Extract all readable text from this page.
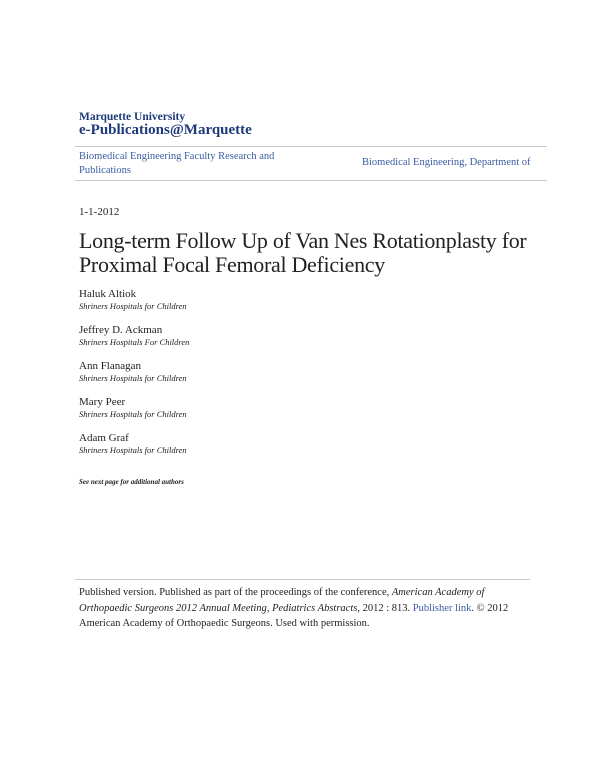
Marquette University
e-Publications@Marquette
Biomedical Engineering Faculty Research and Publications
Biomedical Engineering, Department of
1-1-2012
Long-term Follow Up of Van Nes Rotationplasty for Proximal Focal Femoral Deficiency
Haluk Altiok
Shriners Hospitals for Children
Jeffrey D. Ackman
Shriners Hospitals For Children
Ann Flanagan
Shriners Hospitals for Children
Mary Peer
Shriners Hospitals for Children
Adam Graf
Shriners Hospitals for Children
See next page for additional authors
Published version. Published as part of the proceedings of the conference, American Academy of Orthopaedic Surgeons 2012 Annual Meeting, Pediatrics Abstracts, 2012 : 813. Publisher link. © 2012 American Academy of Orthopaedic Surgeons. Used with permission.
